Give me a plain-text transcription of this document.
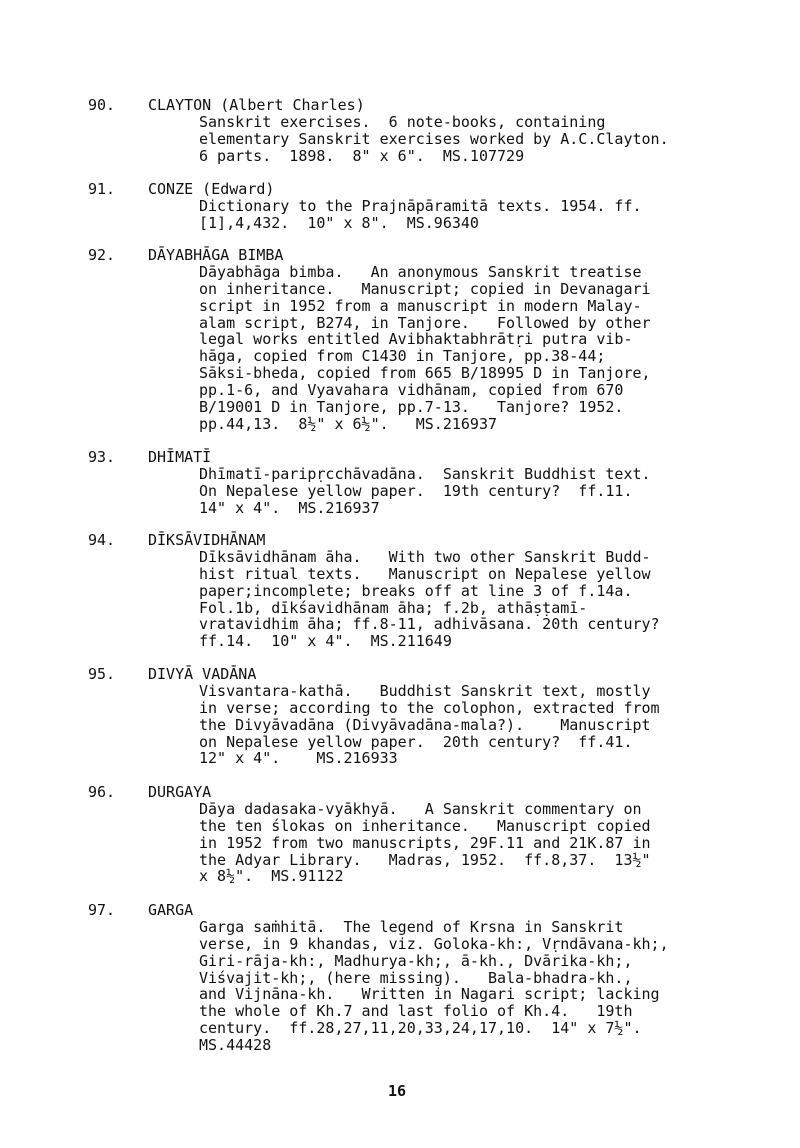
90. CLAYTON (Albert Charles)
Sanskrit exercises.  6 note-books, containing
elementary Sanskrit exercises worked by A.C.Clayton.
6 parts.  1898.  8" x 6".  MS.107729
91. CONZE (Edward)
Dictionary to the Prajnāpāramitā texts. 1954. ff.
[1],4,432.  10" x 8".  MS.96340
92. DĀYABHĀGA BIMBA
Dāyabhāga bimba.   An anonymous Sanskrit treatise
on inheritance.   Manuscript; copied in Devanagari
script in 1952 from a manuscript in modern Malay-
alam script, B274, in Tanjore.   Followed by other
legal works entitled Avibhaktabhrātṛi putra vib-
hāga, copied from C1430 in Tanjore, pp.38-44;
Sāksi-bheda, copied from 665 B/18995 D in Tanjore,
pp.1-6, and Vyavahara vidhānam, copied from 670
B/19001 D in Tanjore, pp.7-13.   Tanjore? 1952.
pp.44,13.  8½" x 6½".   MS.216937
93. DHĪMATĪ
Dhīmatī-paripṛcchāvadāna.  Sanskrit Buddhist text.
On Nepalese yellow paper.  19th century?  ff.11.
14" x 4".  MS.216937
94. DĪKSĀVIDHĀNAM
Dīksāvidhānam āha.   With two other Sanskrit Budd-
hist ritual texts.   Manuscript on Nepalese yellow
paper;incomplete; breaks off at line 3 of f.14a.
Fol.1b, dīkśavidhānam āha; f.2b, athāṣṭamī-
vratavidhim āha; ff.8-11, adhivāsana. 20th century?
ff.14.  10" x 4".  MS.211649
95. DIVYĀ VADĀNA
Visvantara-kathā.   Buddhist Sanskrit text, mostly
in verse; according to the colophon, extracted from
the Divyāvadāna (Divyāvadāna-mala?).    Manuscript
on Nepalese yellow paper.  20th century?  ff.41.
12" x 4".    MS.216933
96. DURGAYA
Dāya dadasaka-vyākhyā.   A Sanskrit commentary on
the ten ślokas on inheritance.   Manuscript copied
in 1952 from two manuscripts, 29F.11 and 21K.87 in
the Adyar Library.   Madras, 1952.  ff.8,37.  13½"
x 8½".  MS.91122
97. GARGA
Garga saṁhitā.  The legend of Krsna in Sanskrit
verse, in 9 khandas, viz. Goloka-kh:, Vṛndāvana-kh;,
Giri-rāja-kh:, Madhurya-kh;, ā-kh., Dvārika-kh;,
Viśvajit-kh;, (here missing).   Bala-bhadra-kh.,
and Vijnāna-kh.   Written in Nagari script; lacking
the whole of Kh.7 and last folio of Kh.4.   19th
century.  ff.28,27,11,20,33,24,17,10.  14" x 7½".
MS.44428
16
